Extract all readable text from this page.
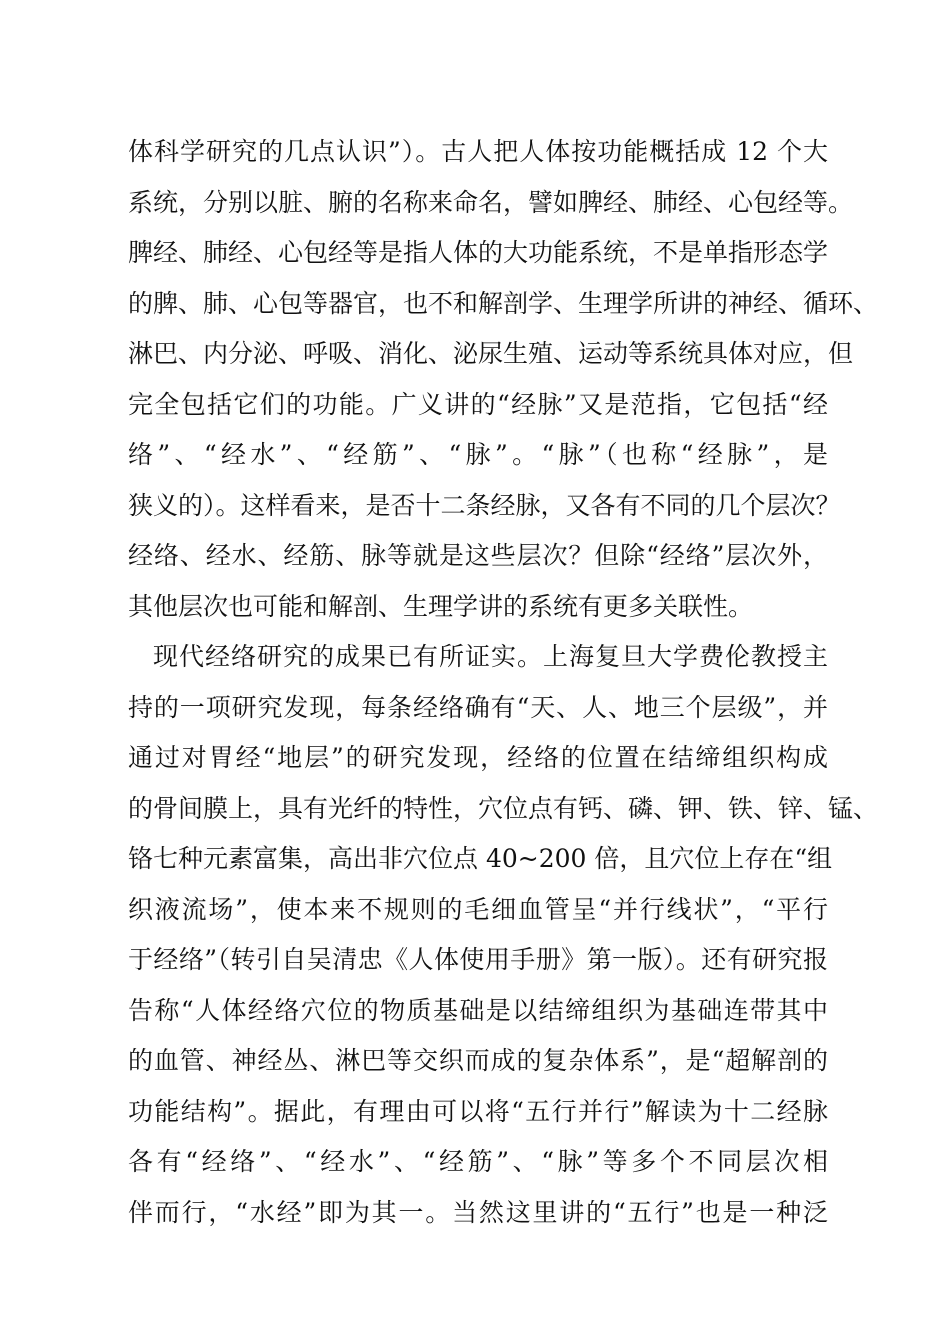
体科学研究的几点认识”）。古人把人体按功能概括成 12 个大
系统，分别以脏、腑的名称来命名，譬如脾经、肺经、心包经等。
脾经、肺经、心包经等是指人体的大功能系统，不是单指形态学
的脾、肺、心包等器官，也不和解剖学、生理学所讲的神经、循环、
淋巴、内分泌、呼吸、消化、泌尿生殖、运动等系统具体对应，但
完全包括它们的功能。广义讲的“经脉”又是范指，它包括“经
络”、“经水”、“经筋”、“脉”。“脉”（也称“经脉”，是
狭义的）。这样看来，是否十二条经脉，又各有不同的几个层次？
经络、经水、经筋、脉等就是这些层次？但除“经络”层次外，
其他层次也可能和解剖、生理学讲的系统有更多关联性。
现代经络研究的成果已有所证实。上海复旦大学费伦教授主
持的一项研究发现，每条经络确有“天、人、地三个层级”，并
通过对胃经“地层”的研究发现，经络的位置在结缔组织构成
的骨间膜上，具有光纤的特性，穴位点有钙、磷、钾、铁、锌、锰、
铬七种元素富集，高出非穴位点 40~200 倍，且穴位上存在“组
织液流场”，使本来不规则的毛细血管呈“并行线状”，“平行
于经络”（转引自吴清忠《人体使用手册》第一版）。还有研究报
告称“人体经络穴位的物质基础是以结缔组织为基础连带其中
的血管、神经丛、淋巴等交织而成的复杂体系”，是“超解剖的
功能结构”。据此，有理由可以将“五行并行”解读为十二经脉
各有“经络”、“经水”、“经筋”、“脉”等多个不同层次相
伴而行，“水经”即为其一。当然这里讲的“五行”也是一种泛
